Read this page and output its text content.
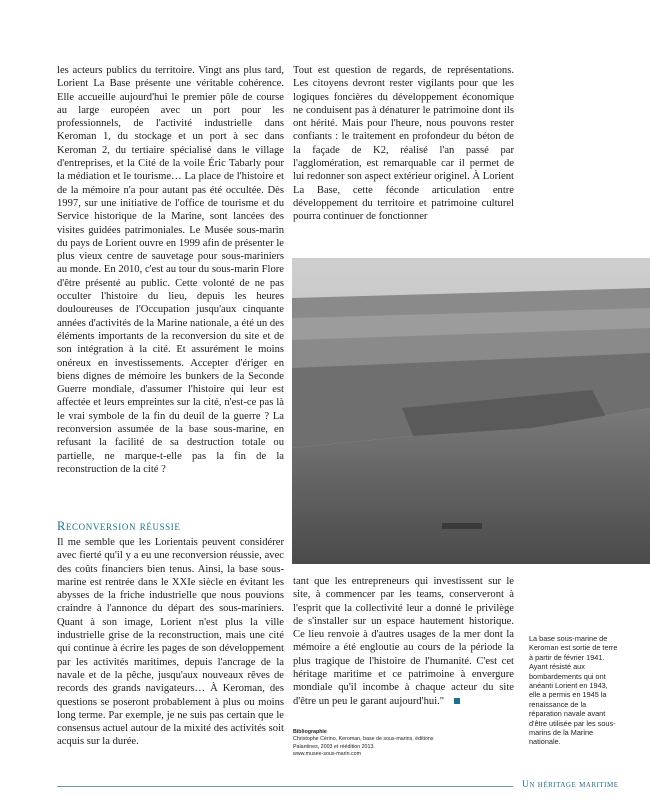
les acteurs publics du territoire. Vingt ans plus tard, Lorient La Base présente une véritable cohérence. Elle accueille aujourd'hui le premier pôle de course au large européen avec un port pour les professionnels, de l'activité industrielle dans Keroman 1, du stockage et un port à sec dans Keroman 2, du tertiaire spécialisé dans le village d'entreprises, et la Cité de la voile Éric Tabarly pour la médiation et le tourisme… La place de l'histoire et de la mémoire n'a pour autant pas été occultée. Dès 1997, sur une initiative de l'office de tourisme et du Service historique de la Marine, sont lancées des visites guidées patrimoniales. Le Musée sous-marin du pays de Lorient ouvre en 1999 afin de présenter le plus vieux centre de sauvetage pour sous-mariniers au monde. En 2010, c'est au tour du sous-marin Flore d'être présenté au public. Cette volonté de ne pas occulter l'histoire du lieu, depuis les heures douloureuses de l'Occupation jusqu'aux cinquante années d'activités de la Marine nationale, a été un des éléments importants de la reconversion du site et de son intégration à la cité. Et assurément le moins onéreux en investissements. Accepter d'ériger en biens dignes de mémoire les bunkers de la Seconde Guerre mondiale, d'assumer l'histoire qui leur est affectée et leurs empreintes sur la cité, n'est-ce pas là le vrai symbole de la fin du deuil de la guerre ? La reconversion assumée de la base sous-marine, en refusant la facilité de sa destruction totale ou partielle, ne marque-t-elle pas la fin de la reconstruction de la cité ?

Reconversion réussie

Il me semble que les Lorientais peuvent considérer avec fierté qu'il y a eu une reconversion réussie, avec des coûts financiers bien tenus. Ainsi, la base sous-marine est rentrée dans le XXIe siècle en évitant les abysses de la friche industrielle que nous pouvions craindre à l'annonce du départ des sous-mariniers. Quant à son image, Lorient n'est plus la ville industrielle grise de la reconstruction, mais une cité qui continue à écrire les pages de son développement par les activités maritimes, depuis l'ancrage de la navale et de la pêche, jusqu'aux nouveaux rêves de records des grands navigateurs… À Keroman, des questions se poseront probablement à plus ou moins long terme. Par exemple, je ne suis pas certain que le consensus actuel autour de la mixité des activités soit acquis sur la durée.

Tout est question de regards, de représentations. Les citoyens devront rester vigilants pour que les logiques foncières du développement économique ne conduisent pas à dénaturer le patrimoine dont ils ont hérité. Mais pour l'heure, nous pouvons rester confiants : le traitement en profondeur du béton de la façade de K2, réalisé l'an passé par l'agglomération, est remarquable car il permet de lui redonner son aspect extérieur originel. À Lorient La Base, cette féconde articulation entre développement du territoire et patrimoine culturel pourra continuer de fonctionner

tant que les entrepreneurs qui investissent sur le site, à commencer par les teams, conserveront à l'esprit que la collectivité leur a donné le privilège de s'installer sur un espace hautement historique. Ce lieu renvoie à d'autres usages de la mer dont la mémoire a été engloutie au cours de la période la plus tragique de l'histoire de l'humanité. C'est cet héritage maritime et ce patrimoine à envergure mondiale qu'il incombe à chaque acteur du site d'être un peu le garant aujourd'hui."

La base sous-marine de Keroman est sortie de terre à partir de février 1941. Ayant résisté aux bombardements qui ont anéanti Lorient en 1943, elle a permis en 1945 la renaissance de la réparation navale avant d'être utilisée par les sous-marins de la Marine nationale.
Bibliographie
Christophe Cérino, Keroman, base de sous-marins, éditions Palantines, 2003 et réédition 2013.
www.musee-sous-marin.com
Un héritage maritime
